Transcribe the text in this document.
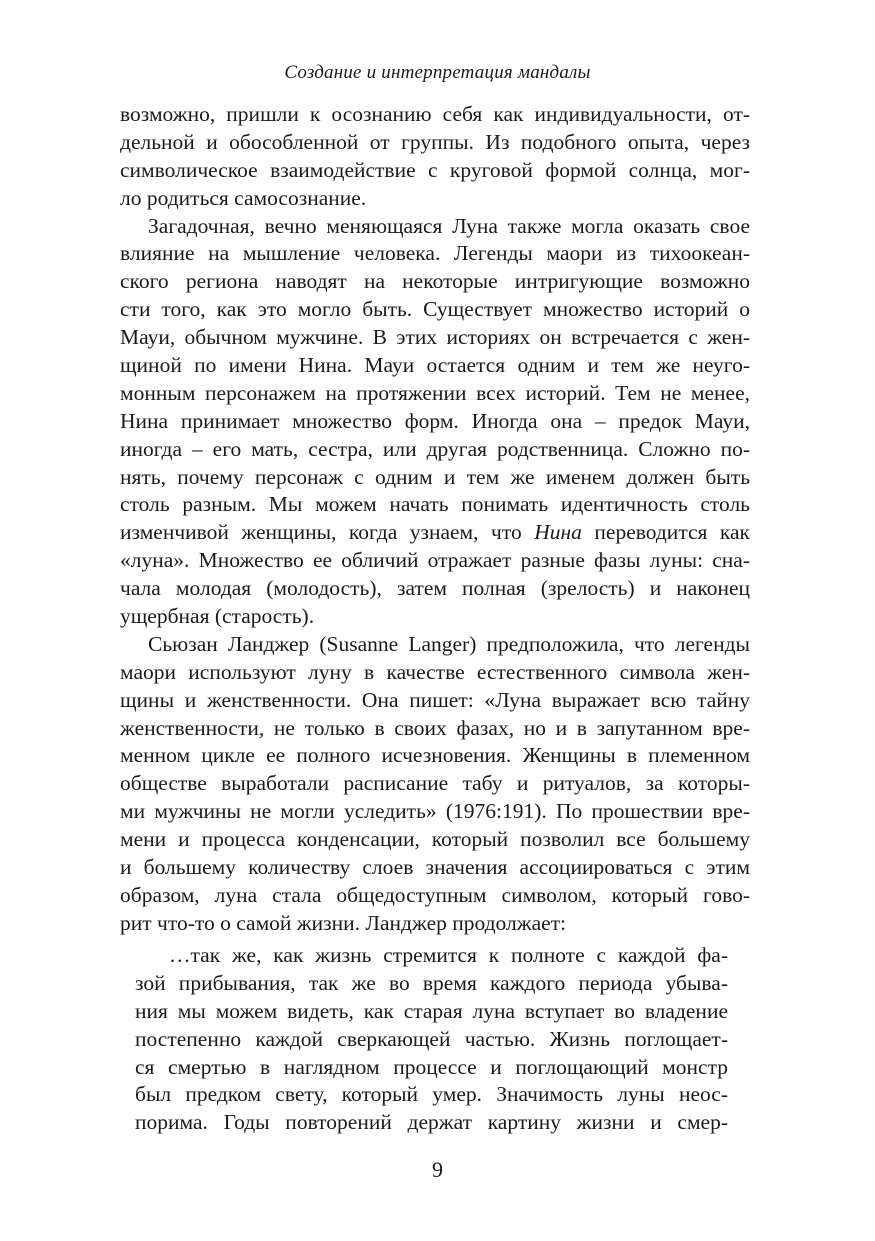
Создание и интерпретация мандалы
возможно, пришли к осознанию себя как индивидуальности, от-
дельной и обособленной от группы. Из подобного опыта, через
символическое взаимодействие с круговой формой солнца, мог-
ло родиться самосознание.
Загадочная, вечно меняющаяся Луна также могла оказать свое
влияние на мышление человека. Легенды маори из тихоокеан-
ского региона наводят на некоторые интригующие возможно
сти того, как это могло быть. Существует множество историй о
Мауи, обычном мужчине. В этих историях он встречается с жен-
щиной по имени Нина. Мауи остается одним и тем же неуго-
монным персонажем на протяжении всех историй. Тем не менее,
Нина принимает множество форм. Иногда она – предок Мауи,
иногда – его мать, сестра, или другая родственница. Сложно по-
нять, почему персонаж с одним и тем же именем должен быть
столь разным. Мы можем начать понимать идентичность столь
изменчивой женщины, когда узнаем, что Нина переводится как
«луна». Множество ее обличий отражает разные фазы луны: сна-
чала молодая (молодость), затем полная (зрелость) и наконец
ущербная (старость).
Сьюзан Ланджер (Susanne Langer) предположила, что легенды
маори используют луну в качестве естественного символа жен-
щины и женственности. Она пишет: «Луна выражает всю тайну
женственности, не только в своих фазах, но и в запутанном вре-
менном цикле ее полного исчезновения. Женщины в племенном
обществе выработали расписание табу и ритуалов, за которы-
ми мужчины не могли уследить» (1976:191). По прошествии вре-
мени и процесса конденсации, который позволил все большему
и большему количеству слоев значения ассоциироваться с этим
образом, луна стала общедоступным символом, который гово-
рит что-то о самой жизни. Ланджер продолжает:
…так же, как жизнь стремится к полноте с каждой фа-
зой прибывания, так же во время каждого периода убыва-
ния мы можем видеть, как старая луна вступает во владение
постепенно каждой сверкающей частью. Жизнь поглощает-
ся смертью в наглядном процессе и поглощающий монстр
был предком свету, который умер. Значимость луны неос-
порима. Годы повторений держат картину жизни и смер-
9
